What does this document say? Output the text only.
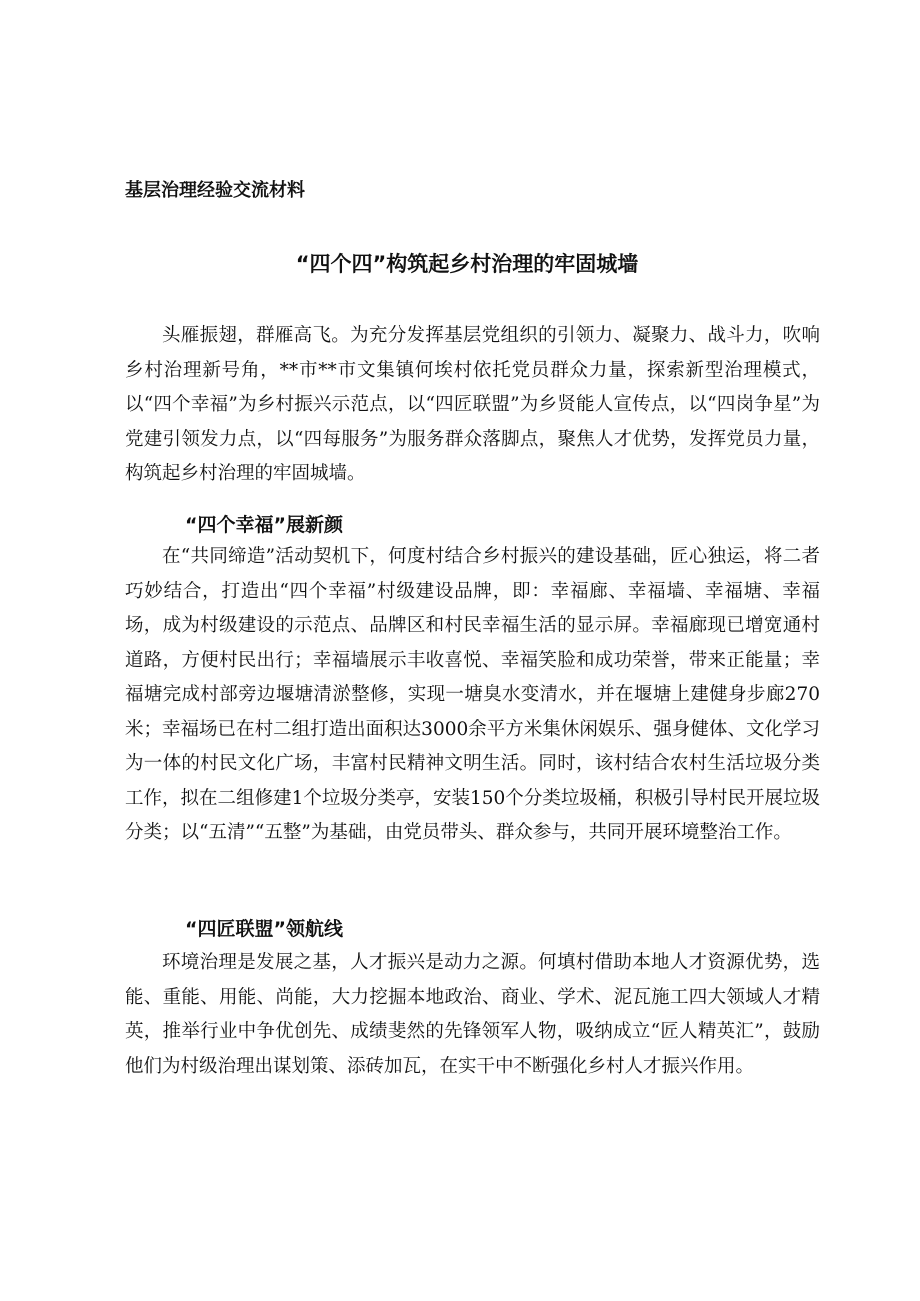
基层治理经验交流材料
“四个四”构筑起乡村治理的牢固城墙

头雁振翅，群雁高飞。为充分发挥基层党组织的引领力、凝聚力、战斗力，吹响乡村治理新号角，**市**市文集镇何埃村依托党员群众力量，探索新型治理模式，以“四个幸福”为乡村振兴示范点，以“四匠联盟”为乡贤能人宣传点，以“四岗争星”为党建引领发力点，以“四每服务”为服务群众落脚点，聚焦人才优势，发挥党员力量，构筑起乡村治理的牢固城墙。

“四个幸福”展新颜

在“共同缔造”活动契机下，何度村结合乡村振兴的建设基础，匠心独运，将二者巧妙结合，打造出“四个幸福”村级建设品牌，即：幸福廊、幸福墙、幸福塘、幸福场，成为村级建设的示范点、品牌区和村民幸福生活的显示屏。幸福廊现已增宽通村道路，方便村民出行；幸福墙展示丰收喜悦、幸福笑脸和成功荣誉，带来正能量；幸福塘完成村部旁边堰塘清淤整修，实现一塘臭水变清水，并在堰塘上建健身步廊270米；幸福场已在村二组打造出面积达3000余平方米集休闲娱乐、强身健体、文化学习为一体的村民文化广场，丰富村民精神文明生活。同时，该村结合农村生活垃圾分类工作，拟在二组修建1个垃圾分类亭，安装150个分类垃圾桶，积极引导村民开展垃圾分类；以“五清”“五整”为基础，由党员带头、群众参与，共同开展环境整治工作。

“四匠联盟”领航线

环境治理是发展之基，人才振兴是动力之源。何填村借助本地人才资源优势，选能、重能、用能、尚能，大力挖掘本地政治、商业、学术、泥瓦施工四大领域人才精英，推举行业中争优创先、成绩斐然的先锋领军人物，吸纳成立“匠人精英汇”，鼓励他们为村级治理出谋划策、添砖加瓦，在实干中不断强化乡村人才振兴作用。
